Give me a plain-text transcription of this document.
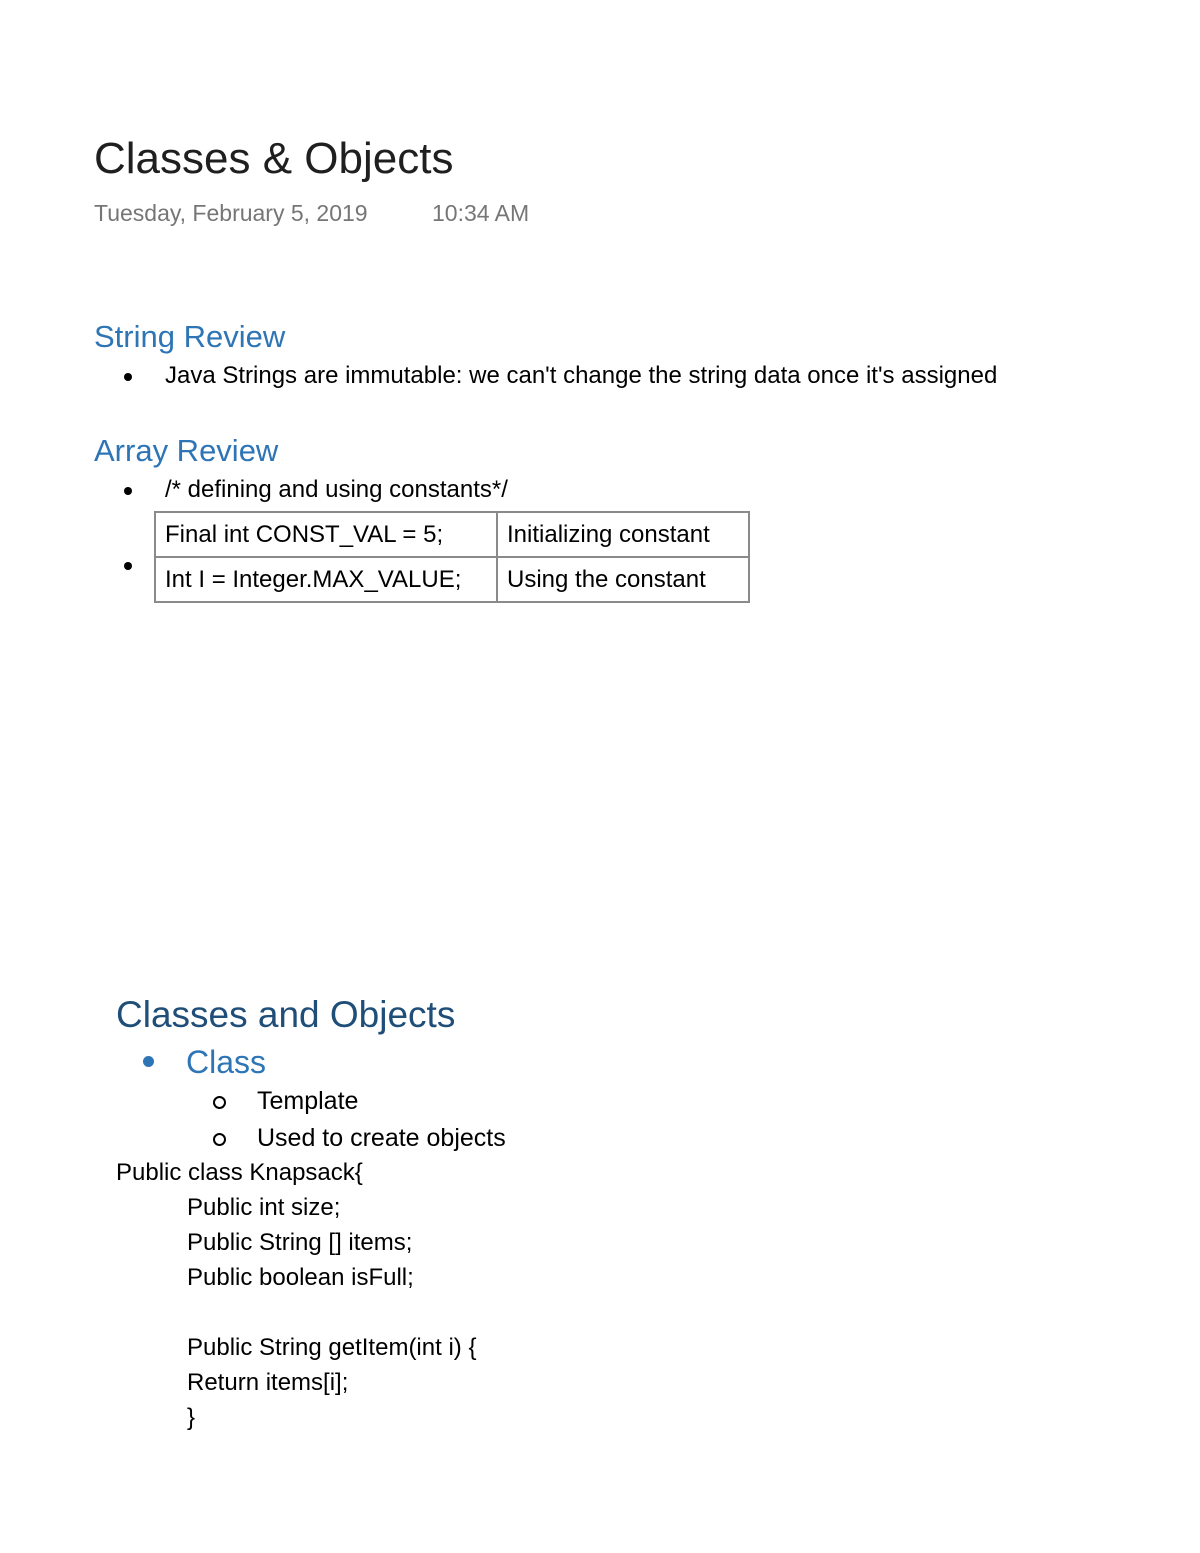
Classes & Objects
Tuesday, February 5, 2019	10:34 AM
String Review
Java Strings are immutable: we can't change the string data once it's assigned
Array Review
/* defining and using constants*/
Final int CONST_VAL = 5;	Initializing constant
Int I = Integer.MAX_VALUE;	Using the constant
Classes and Objects
Class
Template
Used to create objects
Public class Knapsack{
Public int size;
Public String [] items;
Public boolean isFull;
Public String getItem(int i) {
Return items[i];
}
